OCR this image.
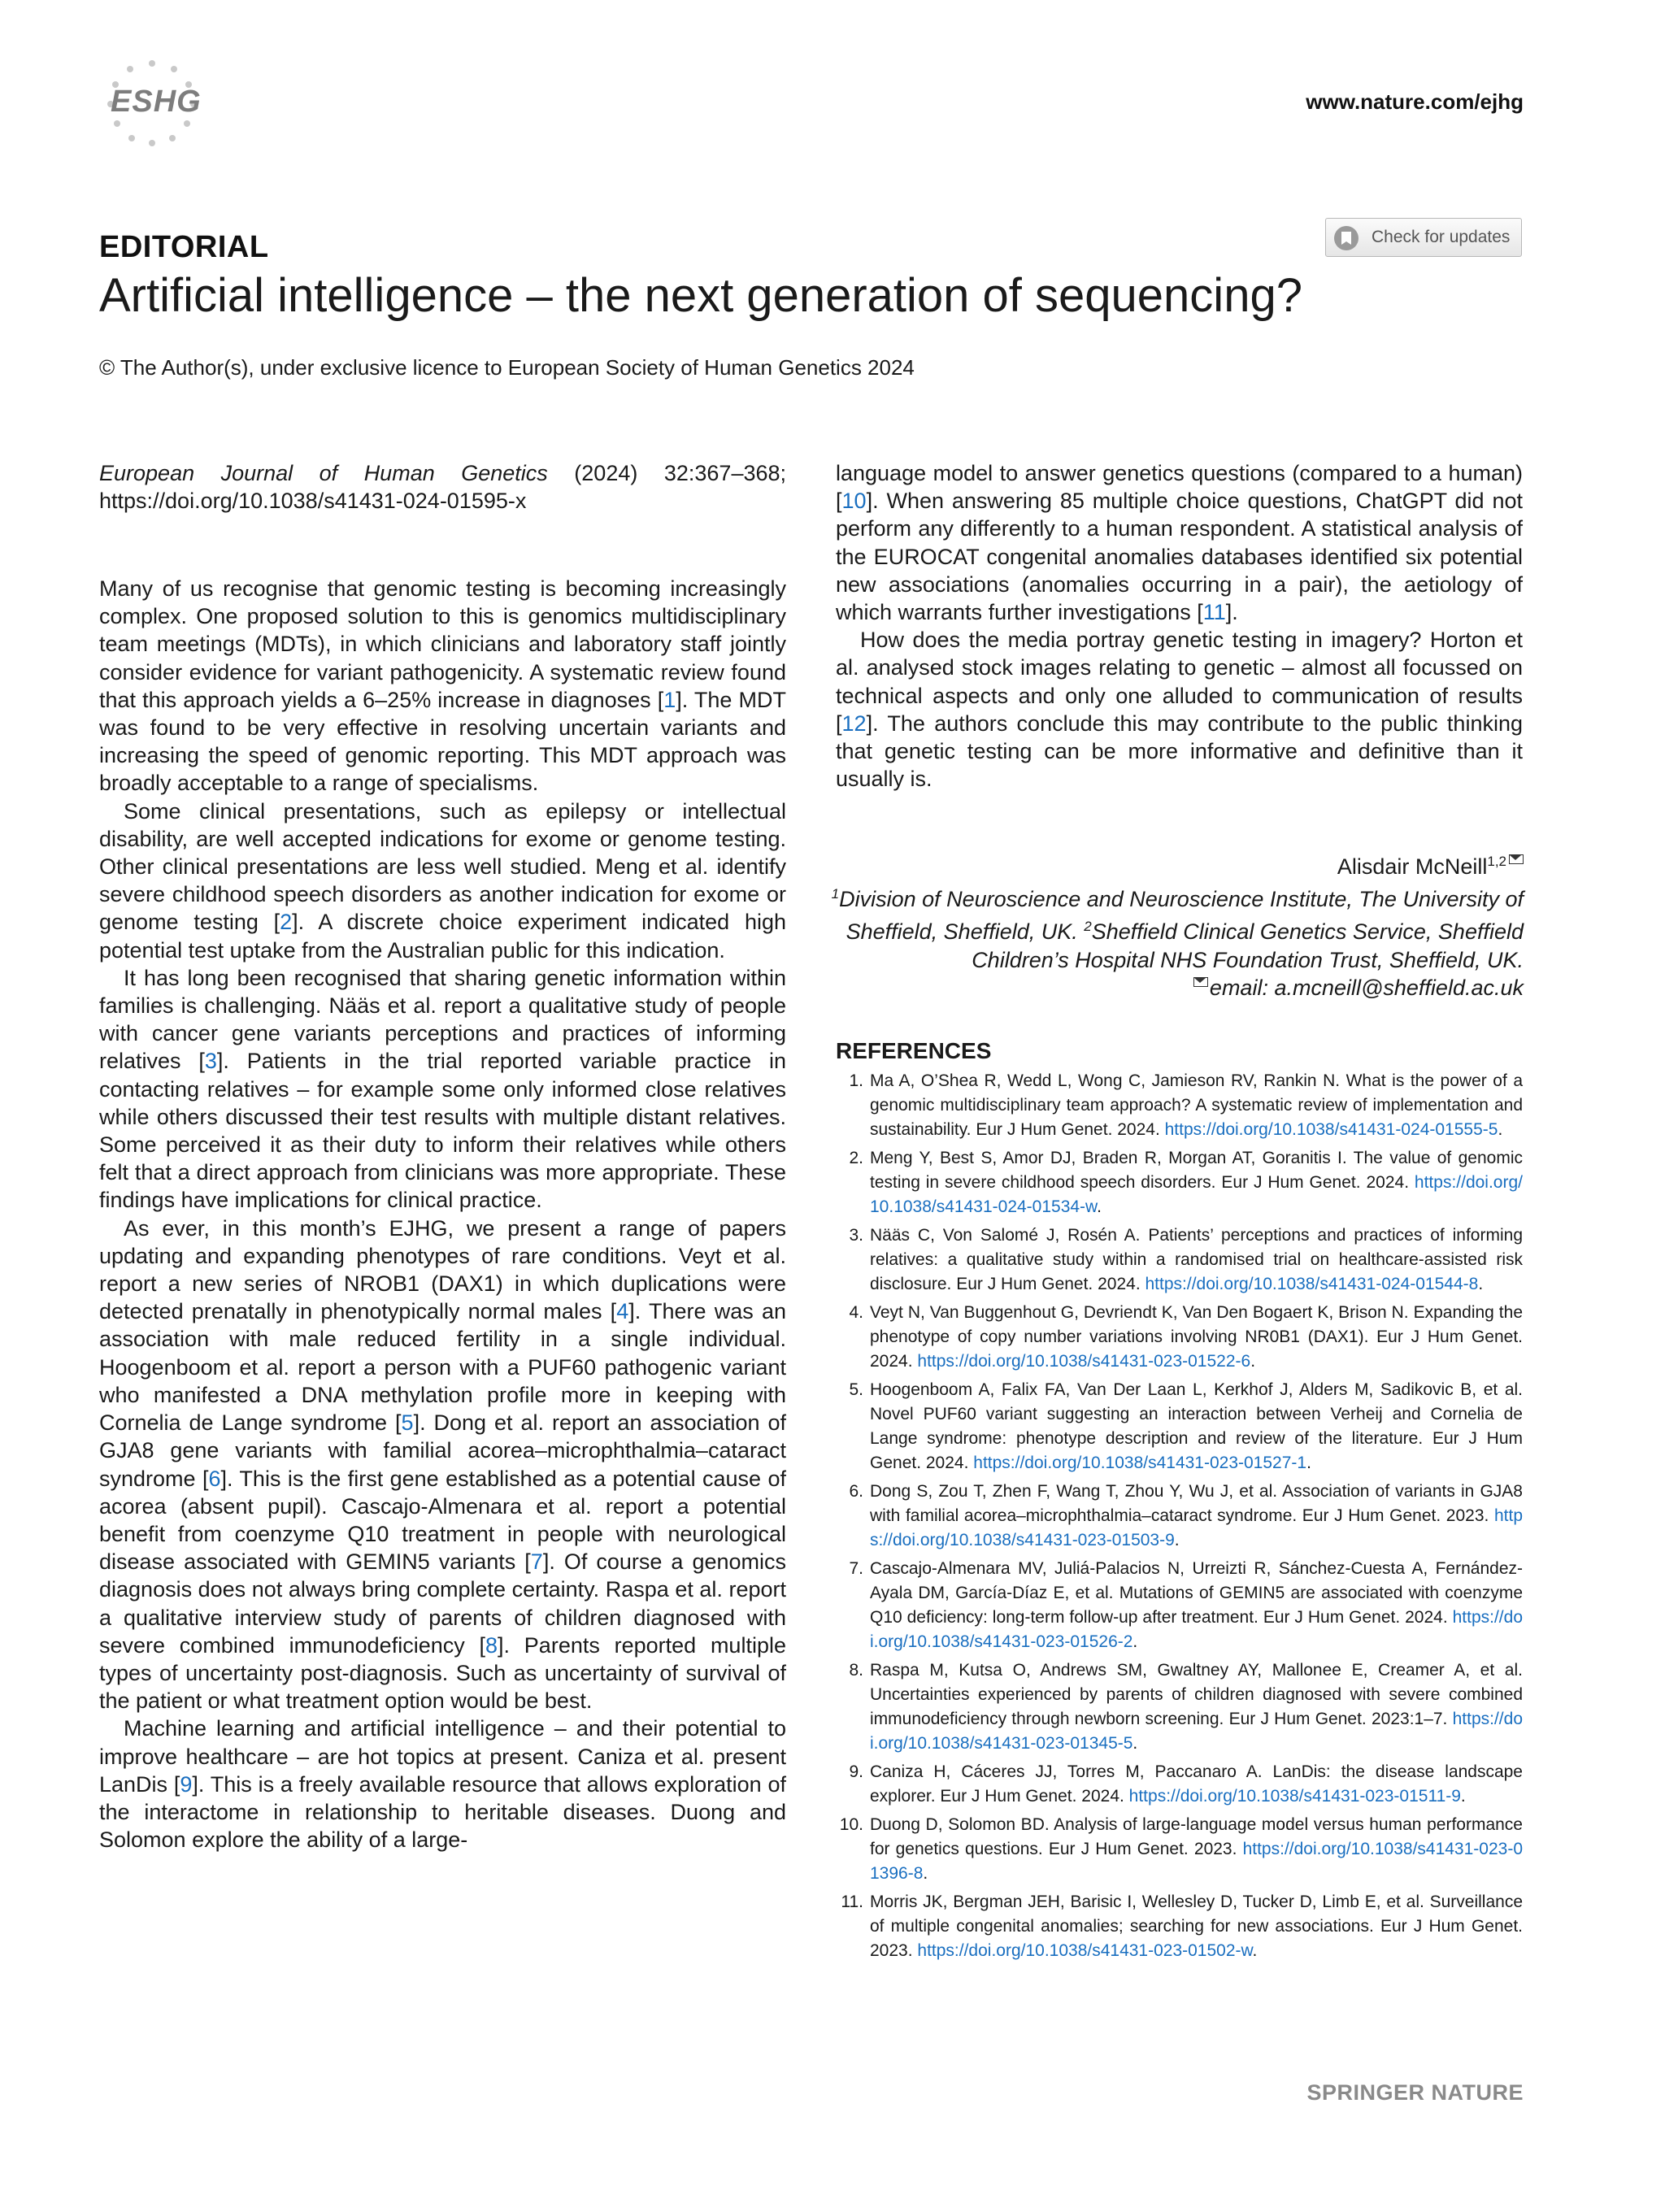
ESHG	www.nature.com/ejhg
EDITORIAL	Check for updates
Artificial intelligence – the next generation of sequencing?
© The Author(s), under exclusive licence to European Society of Human Genetics 2024

European Journal of Human Genetics (2024) 32:367–368; https://doi.org/10.1038/s41431-024-01595-x

Many of us recognise that genomic testing is becoming increasingly complex. One proposed solution to this is genomics multidisciplinary team meetings (MDTs), in which clinicians and laboratory staff jointly consider evidence for variant pathogenicity. A systematic review found that this approach yields a 6–25% increase in diagnoses [1]. The MDT was found to be very effective in resolving uncertain variants and increasing the speed of genomic reporting. This MDT approach was broadly acceptable to a range of specialisms.

Some clinical presentations, such as epilepsy or intellectual disability, are well accepted indications for exome or genome testing. Other clinical presentations are less well studied. Meng et al. identify severe childhood speech disorders as another indication for exome or genome testing [2]. A discrete choice experiment indicated high potential test uptake from the Australian public for this indication.

It has long been recognised that sharing genetic information within families is challenging. Nääs et al. report a qualitative study of people with cancer gene variants perceptions and practices of informing relatives [3]. Patients in the trial reported variable practice in contacting relatives – for example some only informed close relatives while others discussed their test results with multiple distant relatives. Some perceived it as their duty to inform their relatives while others felt that a direct approach from clinicians was more appropriate. These findings have implications for clinical practice.

As ever, in this month’s EJHG, we present a range of papers updating and expanding phenotypes of rare conditions. Veyt et al. report a new series of NROB1 (DAX1) in which duplications were detected prenatally in phenotypically normal males [4]. There was an association with male reduced fertility in a single individual. Hoogenboom et al. report a person with a PUF60 pathogenic variant who manifested a DNA methylation profile more in keeping with Cornelia de Lange syndrome [5]. Dong et al. report an association of GJA8 gene variants with familial acorea–microphthalmia–cataract syndrome [6]. This is the first gene established as a potential cause of acorea (absent pupil). Cascajo-Almenara et al. report a potential benefit from coenzyme Q10 treatment in people with neurological disease associated with GEMIN5 variants [7]. Of course a genomics diagnosis does not always bring complete certainty. Raspa et al. report a qualitative interview study of parents of children diagnosed with severe combined immunodeficiency [8]. Parents reported multiple types of uncertainty post-diagnosis. Such as uncertainty of survival of the patient or what treatment option would be best.

Machine learning and artificial intelligence – and their potential to improve healthcare – are hot topics at present. Caniza et al. present LanDis [9]. This is a freely available resource that allows exploration of the interactome in relationship to heritable diseases. Duong and Solomon explore the ability of a large-

language model to answer genetics questions (compared to a human) [10]. When answering 85 multiple choice questions, ChatGPT did not perform any differently to a human respondent. A statistical analysis of the EUROCAT congenital anomalies databases identified six potential new associations (anomalies occurring in a pair), the aetiology of which warrants further investigations [11].

How does the media portray genetic testing in imagery? Horton et al. analysed stock images relating to genetic – almost all focussed on technical aspects and only one alluded to communication of results [12]. The authors conclude this may contribute to the public thinking that genetic testing can be more informative and definitive than it usually is.

Alisdair McNeill$^{1,2}$
$^1$Division of Neuroscience and Neuroscience Institute, The University of Sheffield, Sheffield, UK. $^2$Sheffield Clinical Genetics Service, Sheffield Children’s Hospital NHS Foundation Trust, Sheffield, UK.
email: a.mcneill@sheffield.ac.uk
REFERENCES
1. Ma A, O’Shea R, Wedd L, Wong C, Jamieson RV, Rankin N. What is the power of a genomic multidisciplinary team approach? A systematic review of implementation and sustainability. Eur J Hum Genet. 2024. https://doi.org/10.1038/s41431-024-01555-5.
2. Meng Y, Best S, Amor DJ, Braden R, Morgan AT, Goranitis I. The value of genomic testing in severe childhood speech disorders. Eur J Hum Genet. 2024. https://doi.org/10.1038/s41431-024-01534-w.
3. Nääs C, Von Salomé J, Rosén A. Patients’ perceptions and practices of informing relatives: a qualitative study within a randomised trial on healthcare-assisted risk disclosure. Eur J Hum Genet. 2024. https://doi.org/10.1038/s41431-024-01544-8.
4. Veyt N, Van Buggenhout G, Devriendt K, Van Den Bogaert K, Brison N. Expanding the phenotype of copy number variations involving NR0B1 (DAX1). Eur J Hum Genet. 2024. https://doi.org/10.1038/s41431-023-01522-6.
5. Hoogenboom A, Falix FA, Van Der Laan L, Kerkhof J, Alders M, Sadikovic B, et al. Novel PUF60 variant suggesting an interaction between Verheij and Cornelia de Lange syndrome: phenotype description and review of the literature. Eur J Hum Genet. 2024. https://doi.org/10.1038/s41431-023-01527-1.
6. Dong S, Zou T, Zhen F, Wang T, Zhou Y, Wu J, et al. Association of variants in GJA8 with familial acorea–microphthalmia–cataract syndrome. Eur J Hum Genet. 2023. https://doi.org/10.1038/s41431-023-01503-9.
7. Cascajo-Almenara MV, Juliá-Palacios N, Urreizti R, Sánchez-Cuesta A, Fernández-Ayala DM, García-Díaz E, et al. Mutations of GEMIN5 are associated with coenzyme Q10 deficiency: long-term follow-up after treatment. Eur J Hum Genet. 2024. https://doi.org/10.1038/s41431-023-01526-2.
8. Raspa M, Kutsa O, Andrews SM, Gwaltney AY, Mallonee E, Creamer A, et al. Uncertainties experienced by parents of children diagnosed with severe combined immunodeficiency through newborn screening. Eur J Hum Genet. 2023:1–7. https://doi.org/10.1038/s41431-023-01345-5.
9. Caniza H, Cáceres JJ, Torres M, Paccanaro A. LanDis: the disease landscape explorer. Eur J Hum Genet. 2024. https://doi.org/10.1038/s41431-023-01511-9.
10. Duong D, Solomon BD. Analysis of large-language model versus human performance for genetics questions. Eur J Hum Genet. 2023. https://doi.org/10.1038/s41431-023-01396-8.
11. Morris JK, Bergman JEH, Barisic I, Wellesley D, Tucker D, Limb E, et al. Surveillance of multiple congenital anomalies; searching for new associations. Eur J Hum Genet. 2023. https://doi.org/10.1038/s41431-023-01502-w.
SPRINGER NATURE
